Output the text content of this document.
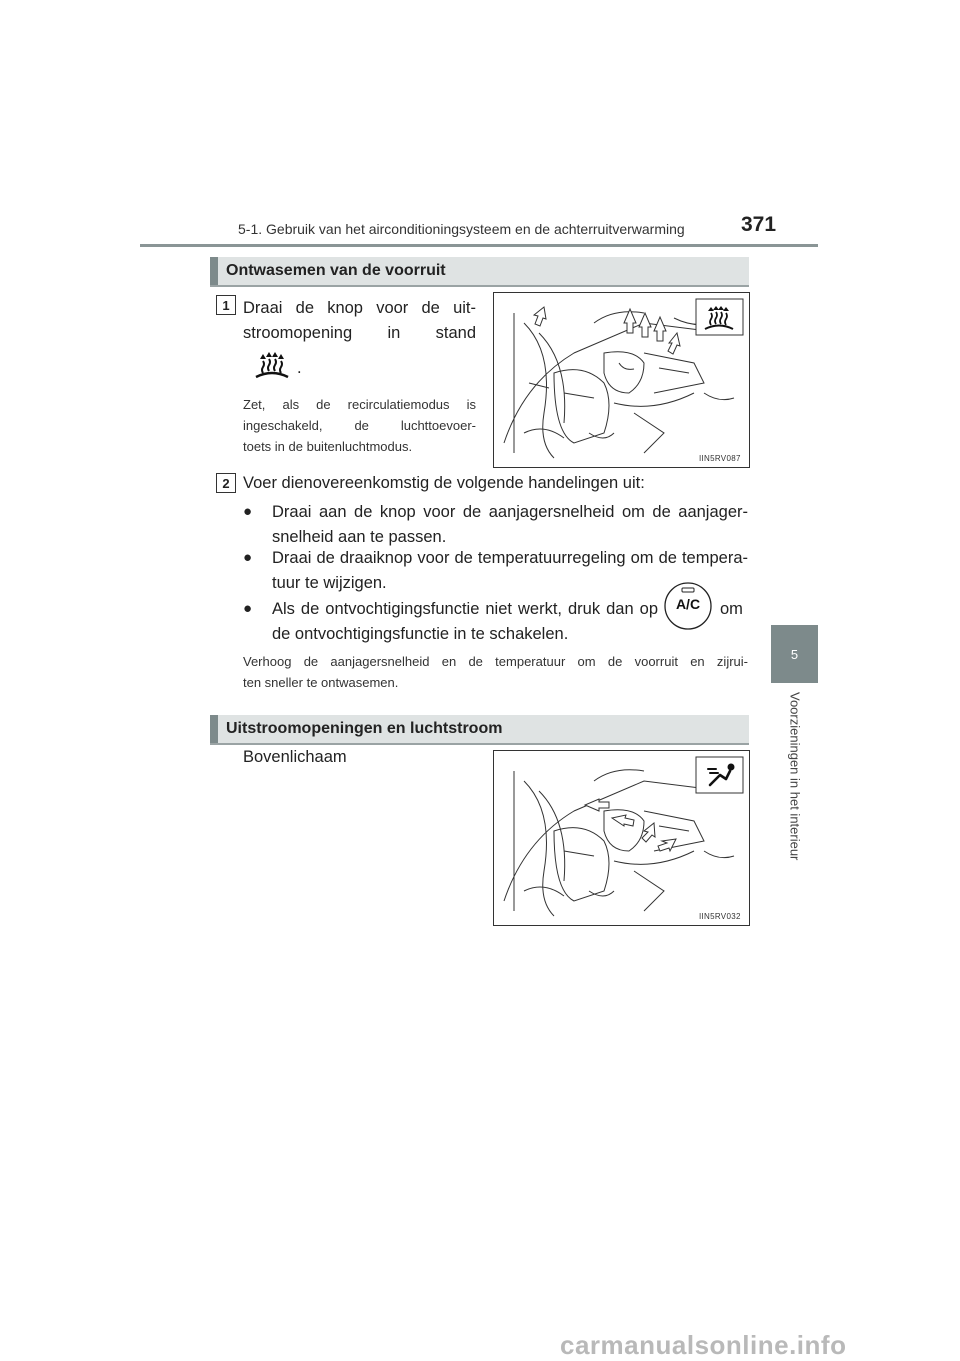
5-1. Gebruik van het airconditioningsysteem en de achterruitverwarming	371
5
Voorzieningen in het interieur
Ontwasemen van de voorruit
1 Draai de knop voor de uit-
stroomopening in stand
.
Zet, als de recirculatiemodus is
ingeschakeld, de luchttoevoer-
toets in de buitenluchtmodus.
IIN5RV087
2 Voer dienovereenkomstig de volgende handelingen uit:
● Draai aan de knop voor de aanjagersnelheid om de aanjager-
snelheid aan te passen.
● Draai de draaiknop voor de temperatuurregeling om de tempera-
tuur te wijzigen.
● Als de ontvochtigingsfunctie niet werkt, druk dan op	A/C	om
de ontvochtigingsfunctie in te schakelen.
Verhoog de aanjagersnelheid en de temperatuur om de voorruit en zijrui-
ten sneller te ontwasemen.
Uitstroomopeningen en luchtstroom
Bovenlichaam
IIN5RV032
carmanualsonline.info
